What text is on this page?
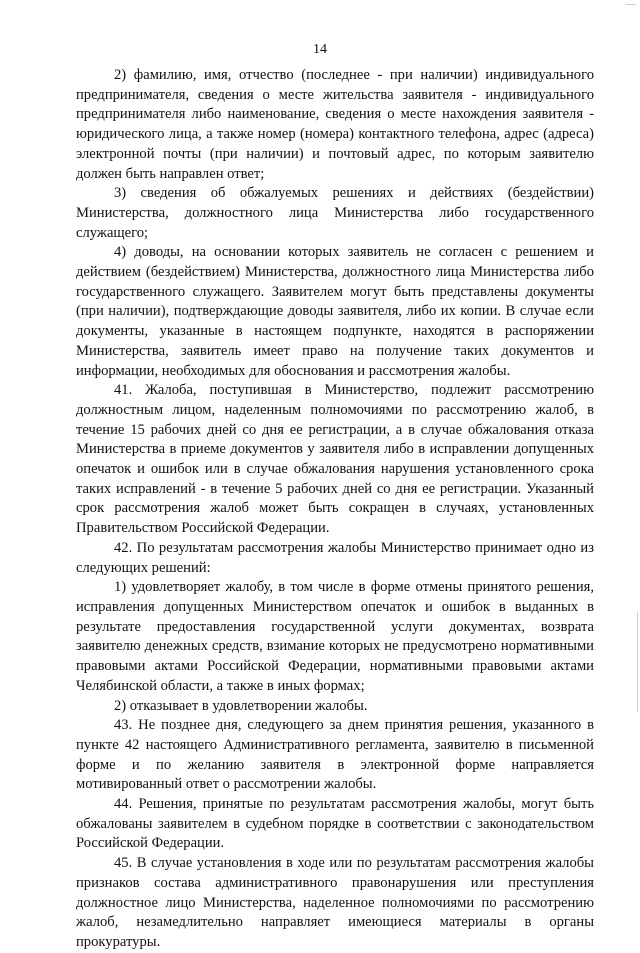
14

2) фамилию, имя, отчество (последнее - при наличии) индивидуального предпринимателя, сведения о месте жительства заявителя - индивидуального предпринимателя либо наименование, сведения о месте нахождения заявителя - юридического лица, а также номер (номера) контактного телефона, адрес (адреса) электронной почты (при наличии) и почтовый адрес, по которым заявителю должен быть направлен ответ;

3) сведения об обжалуемых решениях и действиях (бездействии) Министерства, должностного лица Министерства либо государственного служащего;

4) доводы, на основании которых заявитель не согласен с решением и действием (бездействием) Министерства, должностного лица Министерства либо государственного служащего. Заявителем могут быть представлены документы (при наличии), подтверждающие доводы заявителя, либо их копии. В случае если документы, указанные в настоящем подпункте, находятся в распоряжении Министерства, заявитель имеет право на получение таких документов и информации, необходимых для обоснования и рассмотрения жалобы.

41. Жалоба, поступившая в Министерство, подлежит рассмотрению должностным лицом, наделенным полномочиями по рассмотрению жалоб, в течение 15 рабочих дней со дня ее регистрации, а в случае обжалования отказа Министерства в приеме документов у заявителя либо в исправлении допущенных опечаток и ошибок или в случае обжалования нарушения установленного срока таких исправлений - в течение 5 рабочих дней со дня ее регистрации. Указанный срок рассмотрения жалоб может быть сокращен в случаях, установленных Правительством Российской Федерации.

42. По результатам рассмотрения жалобы Министерство принимает одно из следующих решений:

1) удовлетворяет жалобу, в том числе в форме отмены принятого решения, исправления допущенных Министерством опечаток и ошибок в выданных в результате предоставления государственной услуги документах, возврата заявителю денежных средств, взимание которых не предусмотрено нормативными правовыми актами Российской Федерации, нормативными правовыми актами Челябинской области, а также в иных формах;

2) отказывает в удовлетворении жалобы.

43. Не позднее дня, следующего за днем принятия решения, указанного в пункте 42 настоящего Административного регламента, заявителю в письменной форме и по желанию заявителя в электронной форме направляется мотивированный ответ о рассмотрении жалобы.

44. Решения, принятые по результатам рассмотрения жалобы, могут быть обжалованы заявителем в судебном порядке в соответствии с законодательством Российской Федерации.

45. В случае установления в ходе или по результатам рассмотрения жалобы признаков состава административного правонарушения или преступления должностное лицо Министерства, наделенное полномочиями по рассмотрению жалоб, незамедлительно направляет имеющиеся материалы в органы прокуратуры.
